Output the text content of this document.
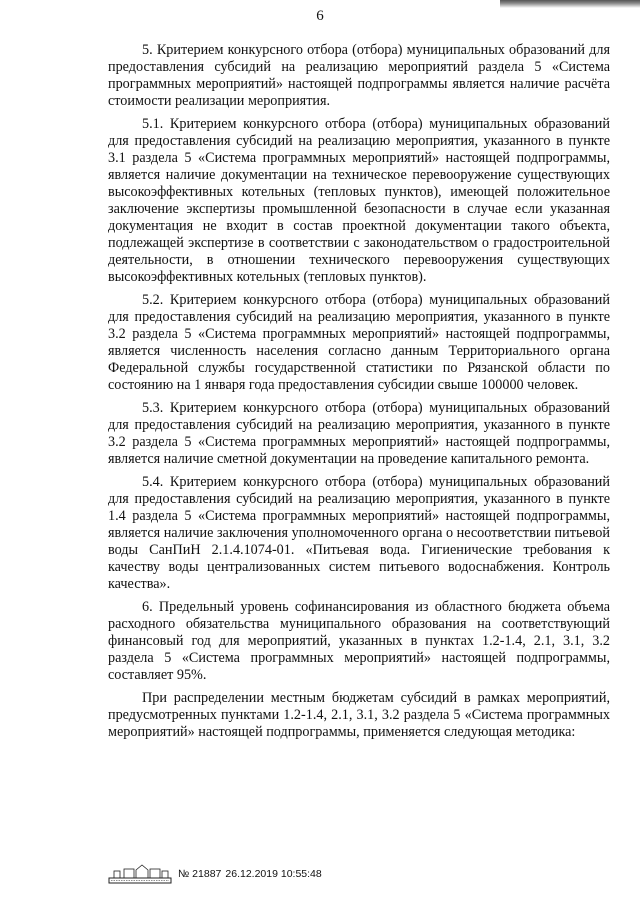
6

5. Критерием конкурсного отбора (отбора) муниципальных образований для предоставления субсидий на реализацию мероприятий раздела 5 «Система программных мероприятий» настоящей подпрограммы является наличие расчёта стоимости реализации мероприятия.

5.1. Критерием конкурсного отбора (отбора) муниципальных образований для предоставления субсидий на реализацию мероприятия, указанного в пункте 3.1 раздела 5 «Система программных мероприятий» настоящей подпрограммы, является наличие документации на техническое перевооружение существующих высокоэффективных котельных (тепловых пунктов), имеющей положительное заключение экспертизы промышленной безопасности в случае если указанная документация не входит в состав проектной документации такого объекта, подлежащей экспертизе в соответствии с законодательством о градостроительной деятельности, в отношении технического перевооружения существующих высокоэффективных котельных (тепловых пунктов).

5.2. Критерием конкурсного отбора (отбора) муниципальных образований для предоставления субсидий на реализацию мероприятия, указанного в пункте 3.2 раздела 5 «Система программных мероприятий» настоящей подпрограммы, является численность населения согласно данным Территориального органа Федеральной службы государственной статистики по Рязанской области по состоянию на 1 января года предоставления субсидии свыше 100000 человек.

5.3. Критерием конкурсного отбора (отбора) муниципальных образований для предоставления субсидий на реализацию мероприятия, указанного в пункте 3.2 раздела 5 «Система программных мероприятий» настоящей подпрограммы, является наличие сметной документации на проведение капитального ремонта.

5.4. Критерием конкурсного отбора (отбора) муниципальных образований для предоставления субсидий на реализацию мероприятия, указанного в пункте 1.4 раздела 5 «Система программных мероприятий» настоящей подпрограммы, является наличие заключения уполномоченного органа о несоответствии питьевой воды СанПиН 2.1.4.1074-01. «Питьевая вода. Гигиенические требования к качеству воды централизованных систем питьевого водоснабжения. Контроль качества».

6. Предельный уровень софинансирования из областного бюджета объема расходного обязательства муниципального образования на соответствующий финансовый год для мероприятий, указанных в пунктах 1.2-1.4, 2.1, 3.1, 3.2 раздела 5 «Система программных мероприятий» настоящей подпрограммы, составляет 95%.

При распределении местным бюджетам субсидий в рамках мероприятий, предусмотренных пунктами 1.2-1.4, 2.1, 3.1, 3.2 раздела 5 «Система программных мероприятий» настоящей подпрограммы, применяется следующая методика:

№ 21887 26.12.2019 10:55:48
